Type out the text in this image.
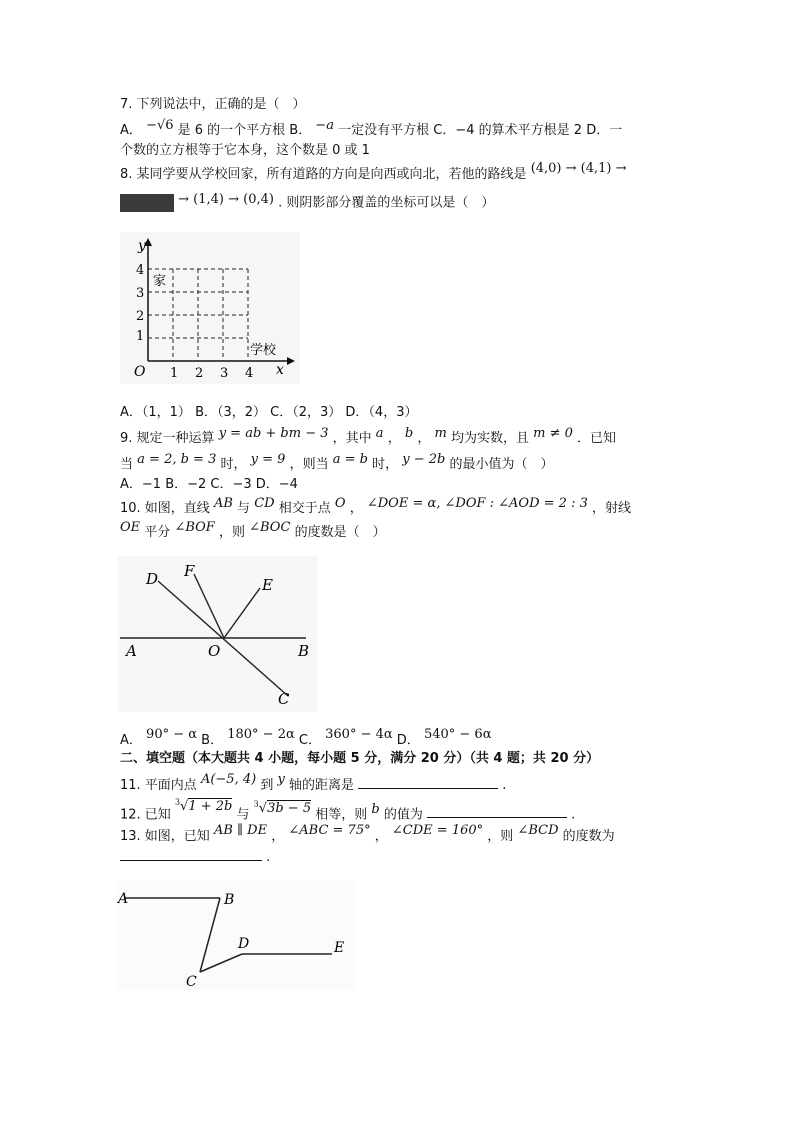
7. 下列说法中，正确的是（　）
A． −√6 是 6 的一个平方根 B． −a 一定没有平方根 C．−4 的算术平方根是 2 D．一
个数的立方根等于它本身，这个数是 0 或 1
8. 某同学要从学校回家，所有道路的方向是向西或向北，若他的路线是 (4,0) → (4,1) →
→ (1,4) → (0,4) . 则阴影部分覆盖的坐标可以是（　）
y
x
O
4
3
2
1
1 2 3 4
家
学校
A．（1，1） B．（3，2） C．（2，3） D．（4，3）
9. 规定一种运算 y = ab + bm − 3 ，其中 a ， b ， m 均为实数，且 m ≠ 0 ．已知
当 a = 2, b = 3 时， y = 9 ，则当 a = b 时， y − 2b 的最小值为（　）
A．−1 B．−2 C．−3 D．−4
10. 如图，直线 AB 与 CD 相交于点 O ， ∠DOE = α, ∠DOF : ∠AOD = 2 : 3 ，射线
OE 平分 ∠BOF ，则 ∠BOC 的度数是（　）
D F
E
A	O	B
C
A． 90° − α B． 180° − 2α C． 360° − 4α D． 540° − 6α
二、填空题（本大题共 4 小题，每小题 5 分，满分 20 分）（共 4 题；共 20 分）
11. 平面内点 A(−5, 4) 到 y 轴的距离是	.
12. 已知 $^3$√1 + 2b 与 $^3$√3b − 5 相等，则 b 的值为	.
13. 如图，已知 AB ∥ DE ， ∠ABC = 75° ， ∠CDE = 160° ，则 ∠BCD 的度数为
.
A	B
C
D	E
